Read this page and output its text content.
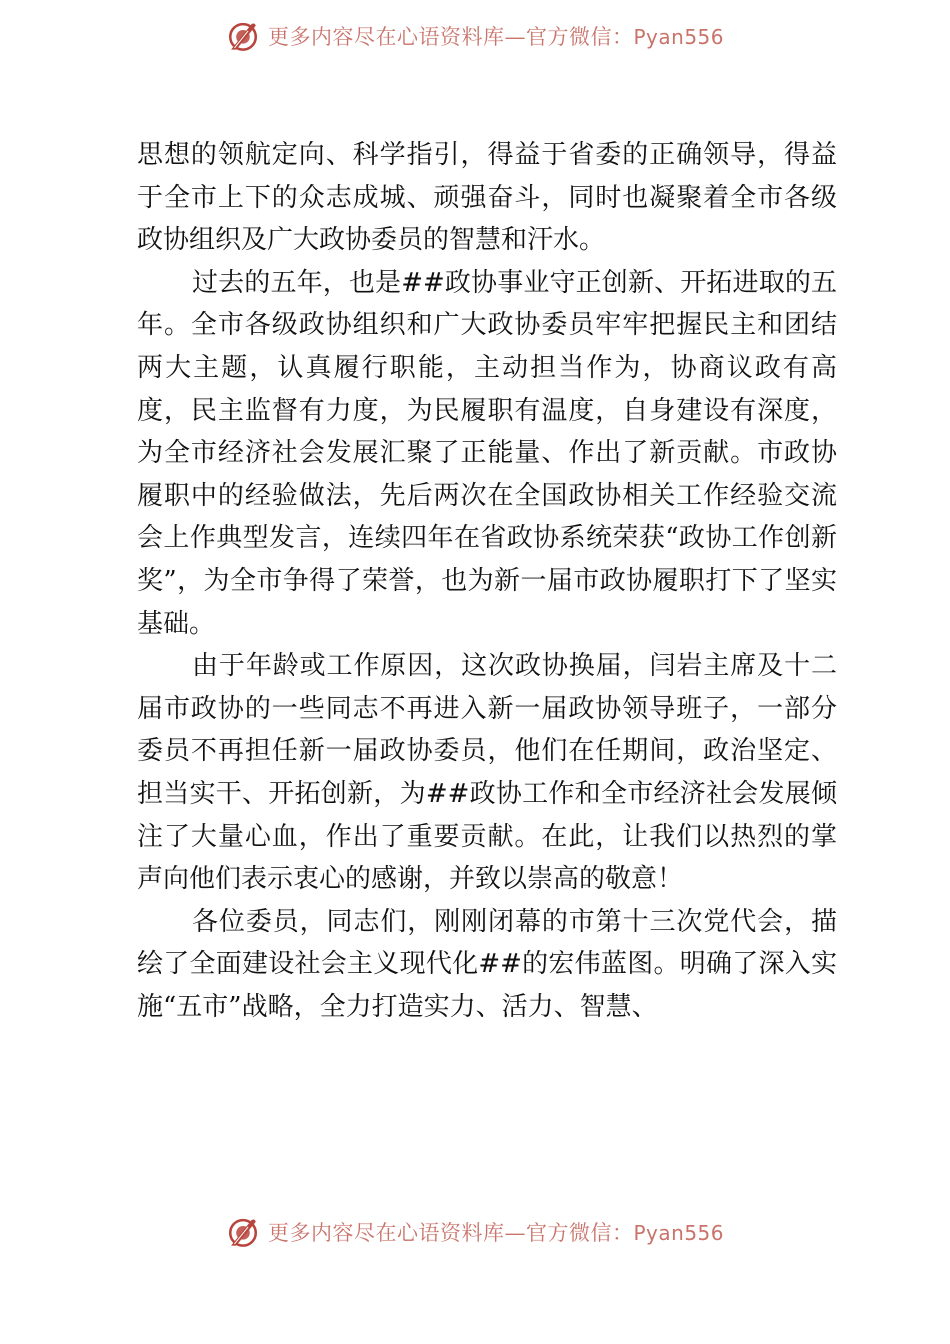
更多内容尽在心语资料库—官方微信：Pyan556

思想的领航定向、科学指引，得益于省委的正确领导，得益于全市上下的众志成城、顽强奋斗，同时也凝聚着全市各级政协组织及广大政协委员的智慧和汗水。

过去的五年，也是##政协事业守正创新、开拓进取的五年。全市各级政协组织和广大政协委员牢牢把握民主和团结两大主题，认真履行职能，主动担当作为，协商议政有高度，民主监督有力度，为民履职有温度，自身建设有深度，为全市经济社会发展汇聚了正能量、作出了新贡献。市政协履职中的经验做法，先后两次在全国政协相关工作经验交流会上作典型发言，连续四年在省政协系统荣获“政协工作创新奖”，为全市争得了荣誉，也为新一届市政协履职打下了坚实基础。

由于年龄或工作原因，这次政协换届，闫岩主席及十二届市政协的一些同志不再进入新一届政协领导班子，一部分委员不再担任新一届政协委员，他们在任期间，政治坚定、担当实干、开拓创新，为##政协工作和全市经济社会发展倾注了大量心血，作出了重要贡献。在此，让我们以热烈的掌声向他们表示衷心的感谢，并致以崇高的敬意！

各位委员，同志们，刚刚闭幕的市第十三次党代会，描绘了全面建设社会主义现代化##的宏伟蓝图。明确了深入实施“五市”战略，全力打造实力、活力、智慧、

更多内容尽在心语资料库—官方微信：Pyan556
